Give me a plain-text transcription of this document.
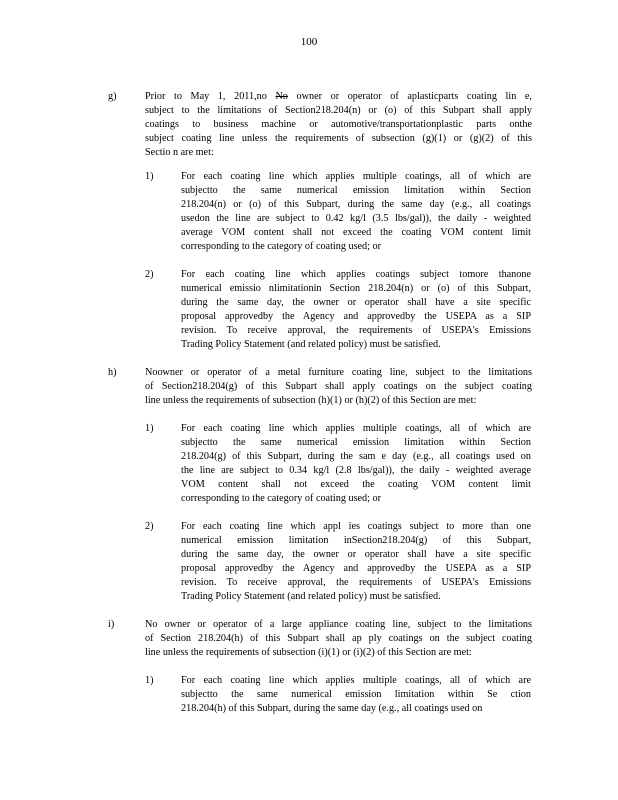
100
g)	Prior to May 1, 2011,no No owner or operator of aplasticparts coating lin e,
subject to the limitations of Section218.204(n) or (o) of this Subpart shall apply
coatings to business machine or automotive/transportationplastic parts onthe
subject coating line unless the requirements of subsection (g)(1) or (g)(2) of this
Sectio n are met:
1)	For each coating line which applies multiple coatings, all of which are
subjectto the same numerical emission limitation within Section
218.204(n) or (o) of this Subpart, during the same day (e.g., all coatings
usedon the line are subject to 0.42 kg/l (3.5 lbs/gal)), the daily - weighted
average VOM content shall not exceed the coating VOM content limit
corresponding to the category of coating used; or
2)	For each coating line which applies coatings subject tomore thanone
numerical emissio nlimitationin Section 218.204(n) or (o) of this Subpart,
during the same day, the owner or operator shall have a site specific
proposal approvedby the Agency and approvedby the USEPA as a SIP
revision. To receive approval, the requirements of USEPA's Emissions
Trading Policy Statement (and related policy) must be satisfied.
h)	Noowner or operator of a metal furniture coating line, subject to the limitations
of Section218.204(g) of this Subpart shall apply coatings on the subject coating
line unless the requirements of subsection (h)(1) or (h)(2) of this Section are met:
1)	For each coating line which applies multiple coatings, all of which are
subjectto the same numerical emission limitation within Section
218.204(g) of this Subpart, during the sam e day (e.g., all coatings used on
the line are subject to 0.34 kg/l (2.8 lbs/gal)), the daily - weighted average
VOM content shall not exceed the coating VOM content limit
corresponding to the category of coating used; or
2)	For each coating line which appl ies coatings subject to more than one
numerical emission limitation inSection218.204(g) of this Subpart,
during the same day, the owner or operator shall have a site specific
proposal approvedby the Agency and approvedby the USEPA as a SIP
revision. To receive approval, the requirements of USEPA's Emissions
Trading Policy Statement (and related policy) must be satisfied.
i)	No owner or operator of a large appliance coating line, subject to the limitations
of Section 218.204(h) of this Subpart shall ap ply coatings on the subject coating
line unless the requirements of subsection (i)(1) or (i)(2) of this Section are met:
1)	For each coating line which applies multiple coatings, all of which are
subjectto the same numerical emission limitation within Se ction
218.204(h) of this Subpart, during the same day (e.g., all coatings used on
